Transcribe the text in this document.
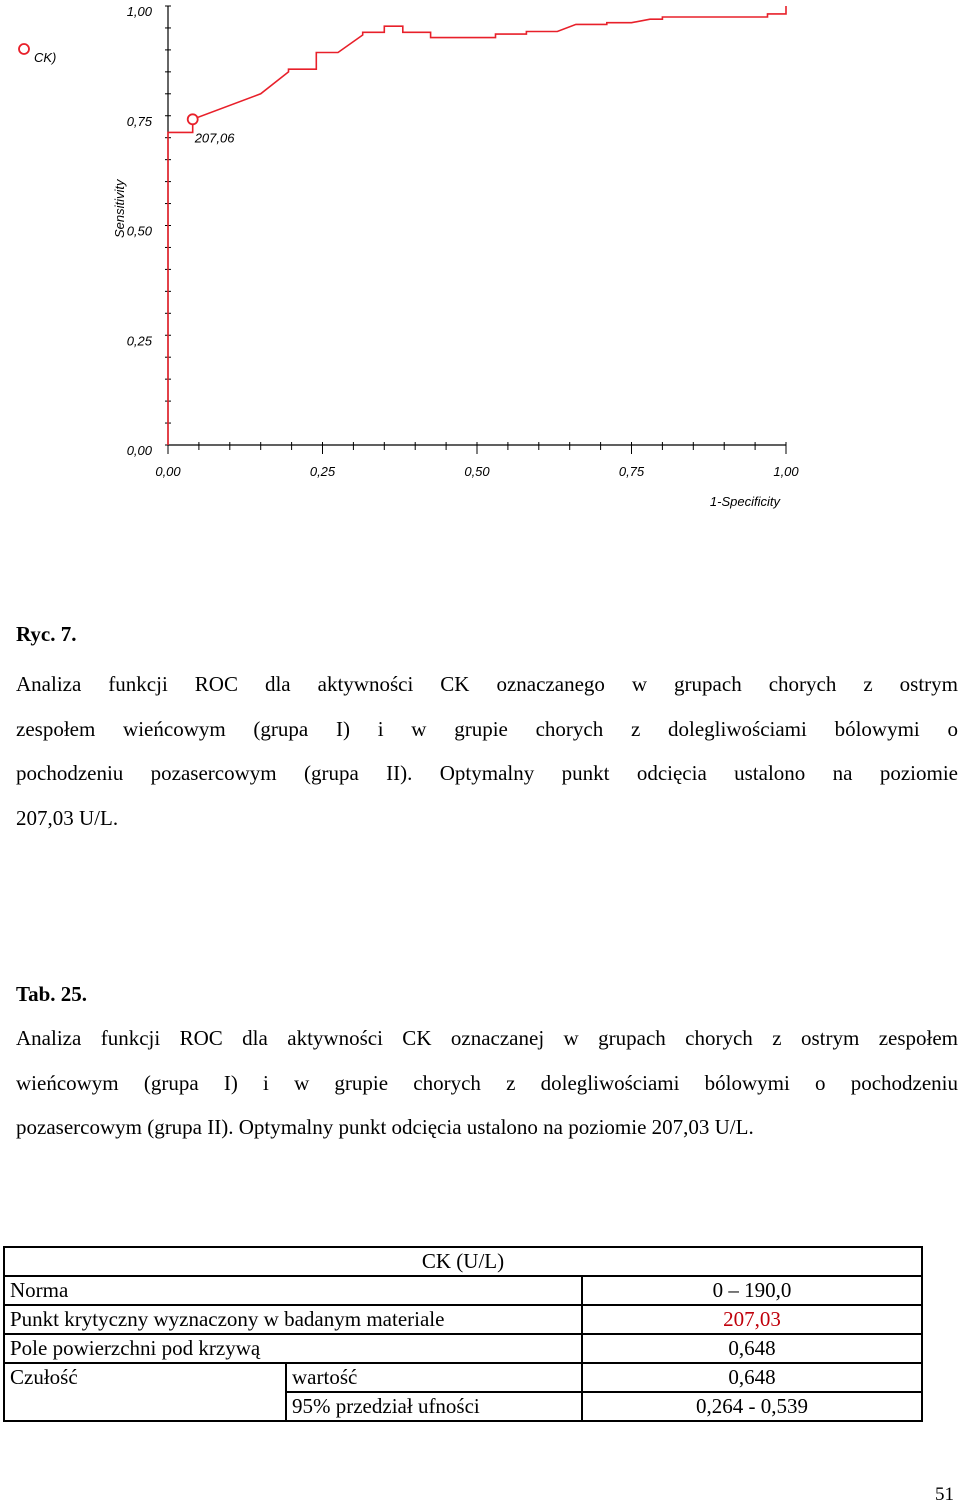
0,00
0,25
0,50
0,75
1,00
0,00	0,25	0,50	0,75	1,00
207,06
CK)
Sensitivity
1-Specificity
Ryc. 7.
Analiza funkcji ROC dla aktywności CK oznaczanego w grupach chorych z ostrym
zespołem wieńcowym (grupa I) i w grupie chorych z dolegliwościami bólowymi o
pochodzeniu pozasercowym (grupa II). Optymalny punkt odcięcia ustalono na poziomie
207,03 U/L.
Tab. 25.
Analiza funkcji ROC dla aktywności CK oznaczanej w grupach chorych z ostrym zespołem
wieńcowym (grupa I) i w grupie chorych z dolegliwościami bólowymi o pochodzeniu
pozasercowym (grupa II). Optymalny punkt odcięcia ustalono na poziomie 207,03 U/L.
CK (U/L)		
Norma		0 – 190,0
Punkt krytyczny wyznaczony w badanym materiale		207,03
Pole powierzchni pod krzywą		0,648
Czułość	wartość	0,648
	95% przedział ufności	0,264 - 0,539
51
